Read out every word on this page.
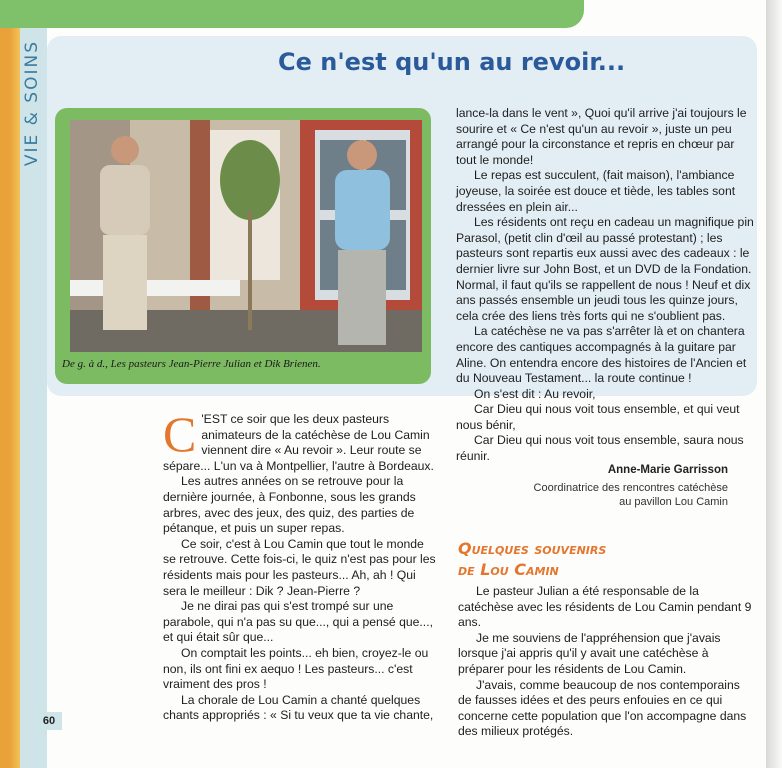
VIE & SOINS	Ce n'est qu'un au revoir...
De g. à d., Les pasteurs Jean-Pierre Julian et Dik Brienen.

lance-la dans le vent », Quoi qu'il arrive j'ai toujours le sourire et « Ce n'est qu'un au revoir », juste un peu arrangé pour la circonstance et repris en chœur par tout le monde!

Le repas est succulent, (fait maison), l'ambiance joyeuse, la soirée est douce et tiède, les tables sont dressées en plein air...

Les résidents ont reçu en cadeau un magnifique pin Parasol, (petit clin d'œil au passé protestant) ; les pasteurs sont repartis eux aussi avec des cadeaux : le dernier livre sur John Bost, et un DVD de la Fondation. Normal, il faut qu'ils se rappellent de nous ! Neuf et dix ans passés ensemble un jeudi tous les quinze jours, cela crée des liens très forts qui ne s'oublient pas.

La catéchèse ne va pas s'arrêter là et on chantera encore des cantiques accompagnés à la guitare par Aline. On entendra encore des histoires de l'Ancien et du Nouveau Testament... la route continue !

On s'est dit : Au revoir,

Car Dieu qui nous voit tous ensemble, et qui veut nous bénir,

Car Dieu qui nous voit tous ensemble, saura nous réunir.

Anne-Marie Garrisson
Coordinatrice des rencontres catéchèse
au pavillon Lou Camin
C 'EST ce soir que les deux pasteurs animateurs de la catéchèse de Lou Camin viennent dire « Au revoir ». Leur route se sépare... L'un va à Montpellier, l'autre à Bordeaux.

Les autres années on se retrouve pour la dernière journée, à Fonbonne, sous les grands arbres, avec des jeux, des quiz, des parties de pétanque, et puis un super repas.

Ce soir, c'est à Lou Camin que tout le monde se retrouve. Cette fois-ci, le quiz n'est pas pour les résidents mais pour les pasteurs... Ah, ah ! Qui sera le meilleur : Dik ? Jean-Pierre ?

Je ne dirai pas qui s'est trompé sur une parabole, qui n'a pas su que..., qui a pensé que..., et qui était sûr que...

On comptait les points... eh bien, croyez-le ou non, ils ont fini ex aequo ! Les pasteurs... c'est vraiment des pros !

La chorale de Lou Camin a chanté quelques chants appropriés : « Si tu veux que ta vie chante,

Quelques souvenirs
de Lou Camin

Le pasteur Julian a été responsable de la catéchèse avec les résidents de Lou Camin pendant 9 ans.

Je me souviens de l'appréhension que j'avais lorsque j'ai appris qu'il y avait une catéchèse à préparer pour les résidents de Lou Camin.

J'avais, comme beaucoup de nos contemporains de fausses idées et des peurs enfouies en ce qui concerne cette population que l'on accompagne dans des milieux protégés.

60
